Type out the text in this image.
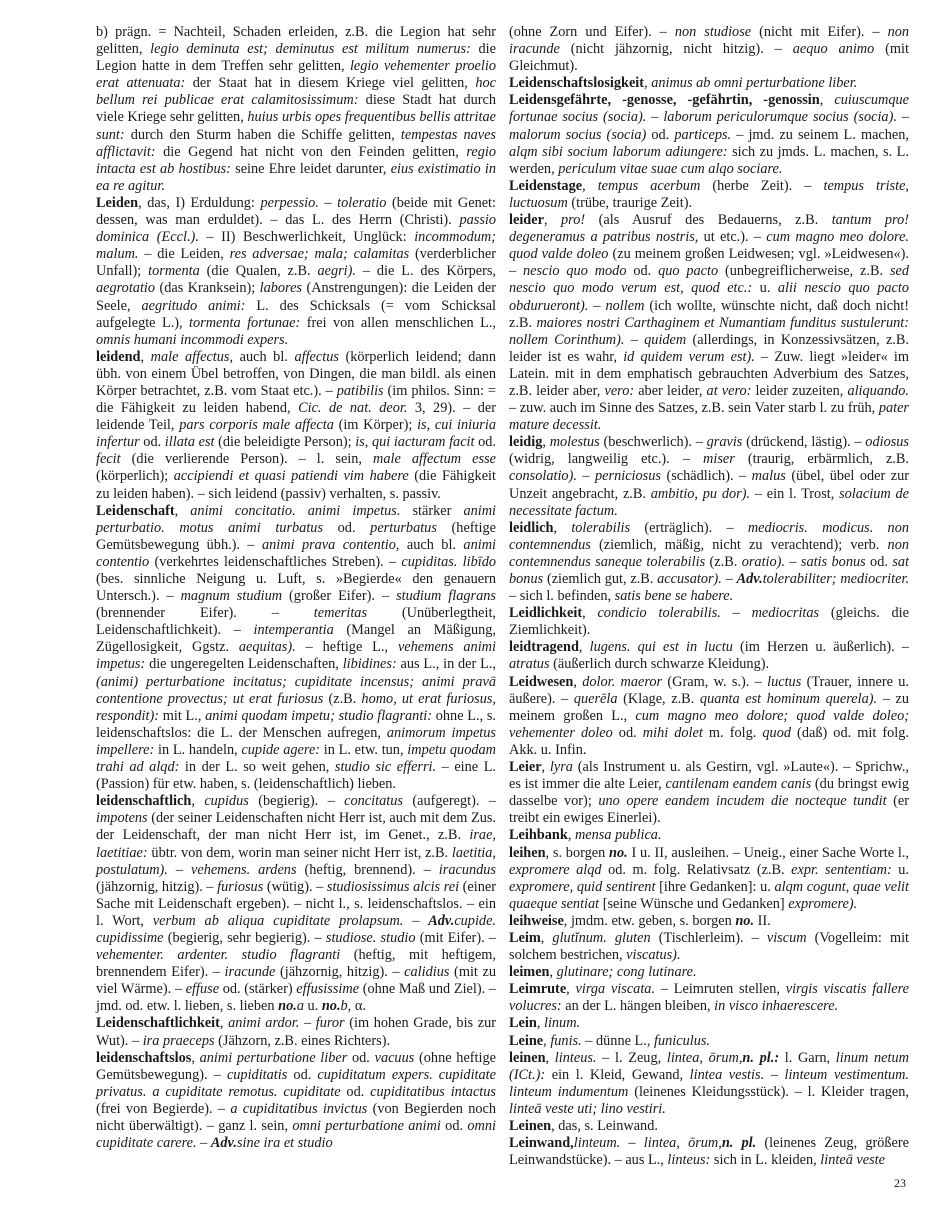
b) prägn. = Nachteil, Schaden erleiden, z.B. die Legion hat sehr gelitten, legio deminuta est; deminutus est militum numerus: die Legion hatte in dem Treffen sehr gelitten, legio vehementer proelio erat attenuata: der Staat hat in diesem Kriege viel gelitten, hoc bellum rei publicae erat calamitosissimum: diese Stadt hat durch viele Kriege sehr gelitten, huius urbis opes frequentibus bellis attritae sunt: durch den Sturm haben die Schiffe gelitten, tempestas naves afflictavit: die Gegend hat nicht von den Feinden gelitten, regio intacta est ab hostibus: seine Ehre leidet darunter, eius existimatio in ea re agitur.

Leiden, das, I) Erduldung: perpessio. – toleratio (beide mit Genet: dessen, was man erduldet). – das L. des Herrn (Christi). passio dominica (Eccl.). – II) Beschwerlichkeit, Unglück: incommodum; malum. – die Leiden, res adversae; mala; calamitas (verderblicher Unfall); tormenta (die Qualen, z.B. aegri). – die L. des Körpers, aegrotatio (das Kranksein); labores (Anstrengungen): die Leiden der Seele, aegritudo animi: L. des Schicksals (= vom Schicksal aufgelegte L.), tormenta fortunae: frei von allen menschlichen L., omnis humani incommodi expers.

leidend, male affectus, auch bl. affectus (körperlich leidend; dann übh. von einem Übel betroffen, von Dingen, die man bildl. als einen Körper betrachtet, z.B. vom Staat etc.). – patibilis (im philos. Sinn: = die Fähigkeit zu leiden habend, Cic. de nat. deor. 3, 29). – der leidende Teil, pars corporis male affecta (im Körper); is, cui iniuria infertur od. illata est (die beleidigte Person); is, qui iacturam facit od. fecit (die verlierende Person). – l. sein, male affectum esse (körperlich); accipiendi et quasi patiendi vim habere (die Fähigkeit zu leiden haben). – sich leidend (passiv) verhalten, s. passiv.

Leidenschaft, animi concitatio. animi impetus. stärker animi perturbatio. motus animi turbatus od. perturbatus (heftige Gemütsbewegung übh.). – animi prava contentio, auch bl. animi contentio (verkehrtes leidenschaftliches Streben). – cupiditas. libīdo (bes. sinnliche Neigung u. Luft, s. »Begierde« den genauern Untersch.). – magnum studium (großer Eifer). – studium flagrans (brennender Eifer). – temeritas (Unüberlegtheit, Leidenschaftlichkeit). – intemperantia (Mangel an Mäßigung, Zügellosigkeit, Ggstz. aequitas). – heftige L., vehemens animi impetus: die ungeregelten Leidenschaften, libidines: aus L., in der L., (animi) perturbatione incitatus; cupiditate incensus; animi pravā contentione provectus; ut erat furiosus (z.B. homo, ut erat furiosus, respondit): mit L., animi quodam impetu; studio flagranti: ohne L., s. leidenschaftslos: die L. der Menschen aufregen, animorum impetus impellere: in L. handeln, cupide agere: in L. etw. tun, impetu quodam trahi ad alqd: in der L. so weit gehen, studio sic efferri. – eine L. (Passion) für etw. haben, s. (leidenschaftlich) lieben.

leidenschaftlich, cupidus (begierig). – concitatus (aufgeregt). – impotens (der seiner Leidenschaften nicht Herr ist, auch mit dem Zus. der Leidenschaft, der man nicht Herr ist, im Genet., z.B. irae, laetitiae: übtr. von dem, worin man seiner nicht Herr ist, z.B. laetitia, postulatum). – vehemens. ardens (heftig, brennend). – iracundus (jähzornig, hitzig). – furiosus (wütig). – studiosissimus alcis rei (einer Sache mit Leidenschaft ergeben). – nicht l., s. leidenschaftslos. – ein l. Wort, verbum ab aliqua cupiditate prolapsum. – Adv.cupide. cupidissime (begierig, sehr begierig). – studiose. studio (mit Eifer). – vehementer. ardenter. studio flagranti (heftig, mit heftigem, brennendem Eifer). – iracunde (jähzornig, hitzig). – calidius (mit zu viel Wärme). – effuse od. (stärker) effusissime (ohne Maß und Ziel). – jmd. od. etw. l. lieben, s. lieben no.a u. no.b, α.

Leidenschaftlichkeit, animi ardor. – furor (im hohen Grade, bis zur Wut). – ira praeceps (Jähzorn, z.B. eines Richters).

leidenschaftslos, animi perturbatione liber od. vacuus (ohne heftige Gemütsbewegung). – cupiditatis od. cupiditatum expers. cupiditate privatus. a cupiditate remotus. cupiditate od. cupiditatibus intactus (frei von Begierde). – a cupiditatibus invictus (von Begierden noch nicht überwältigt). – ganz l. sein, omni perturbatione animi od. omni cupiditate carere. – Adv.sine ira et studio

(ohne Zorn und Eifer). – non studiose (nicht mit Eifer). – non iracunde (nicht jähzornig, nicht hitzig). – aequo animo (mit Gleichmut).

Leidenschaftslosigkeit, animus ab omni perturbatione liber.

Leidensgefährte, -genosse, -gefährtin, -genossin, cuiuscumque fortunae socius (socia). – laborum periculorumque socius (socia). – malorum socius (socia) od. particeps. – jmd. zu seinem L. machen, alqm sibi socium laborum adiungere: sich zu jmds. L. machen, s. L. werden, periculum vitae suae cum alqo sociare.

Leidenstage, tempus acerbum (herbe Zeit). – tempus triste, luctuosum (trübe, traurige Zeit).

leider, pro! (als Ausruf des Bedauerns, z.B. tantum pro! degeneramus a patribus nostris, ut etc.). – cum magno meo dolore. quod valde doleo (zu meinem großen Leidwesen; vgl. »Leidwesen«). – nescio quo modo od. quo pacto (unbegreiflicherweise, z.B. sed nescio quo modo verum est, quod etc.: u. alii nescio quo pacto obdurueront). – nollem (ich wollte, wünschte nicht, daß doch nicht! z.B. maiores nostri Carthaginem et Numantiam funditus sustulerunt: nollem Corinthum). – quidem (allerdings, in Konzessivsätzen, z.B. leider ist es wahr, id quidem verum est). – Zuw. liegt »leider« im Latein. mit in dem emphatisch gebrauchten Adverbium des Satzes, z.B. leider aber, vero: aber leider, at vero: leider zuzeiten, aliquando. – zuw. auch im Sinne des Satzes, z.B. sein Vater starb l. zu früh, pater mature decessit.

leidig, molestus (beschwerlich). – gravis (drückend, lästig). – odiosus (widrig, langweilig etc.). – miser (traurig, erbärmlich, z.B. consolatio). – perniciosus (schädlich). – malus (übel, übel oder zur Unzeit angebracht, z.B. ambitio, pu dor). – ein l. Trost, solacium de necessitate factum.

leidlich, tolerabilis (erträglich). – mediocris. modicus. non contemnendus (ziemlich, mäßig, nicht zu verachtend); verb. non contemnendus saneque tolerabilis (z.B. oratio). – satis bonus od. sat bonus (ziemlich gut, z.B. accusator). – Adv.tolerabiliter; mediocriter. – sich l. befinden, satis bene se habere.

Leidlichkeit, condicio tolerabilis. – mediocritas (gleichs. die Ziemlichkeit).

leidtragend, lugens. qui est in luctu (im Herzen u. äußerlich). – atratus (äußerlich durch schwarze Kleidung).

Leidwesen, dolor. maeror (Gram, w. s.). – luctus (Trauer, innere u. äußere). – querēla (Klage, z.B. quanta est hominum querela). – zu meinem großen L., cum magno meo dolore; quod valde doleo; vehementer doleo od. mihi dolet m. folg. quod (daß) od. mit folg. Akk. u. Infin.

Leier, lyra (als Instrument u. als Gestirn, vgl. »Laute«). – Sprichw., es ist immer die alte Leier, cantilenam eandem canis (du bringst ewig dasselbe vor); uno opere eandem incudem die noctеque tundit (er treibt ein ewiges Einerlei).

Leihbank, mensa publica.

leihen, s. borgen no. I u. II, ausleihen. – Uneig., einer Sache Worte l., exprоmere alqd od. m. folg. Relativsatz (z.B. expr. sententiam: u. exprоmere, quid sentirent [ihre Gedanken]: u. alqm cogunt, quae velit quaeque sentiat [seine Wünsche und Gedanken] exprоmere).

leihweise, jmdm. etw. geben, s. borgen no. II.

Leim, glutĭnum. gluten (Tischlerleim). – viscum (Vogelleim: mit solchem bestrichen, viscatus).

leimen, glutinare; cong lutinare.

Leimrute, virga viscata. – Leimruten stellen, virgis viscatis fallere volucres: an der L. hängen bleiben, in visco inhaerescere.

Lein, linum.

Leine, funis. – dünne L., funiculus.

leinen, linteus. – l. Zeug, lintea, ōrum,n. pl.: l. Garn, linum netum (ICt.): ein l. Kleid, Gewand, lintea vestis. – linteum vestimentum. linteum indumentum (leinenes Kleidungsstück). – l. Kleider tragen, linteā veste uti; lino vestiri.

Leinen, das, s. Leinwand.

Leinwand,linteum. – lintea, ōrum,n. pl. (leinenes Zeug, größere Leinwandstücke). – aus L., linteus: sich in L. kleiden, linteā veste

23
